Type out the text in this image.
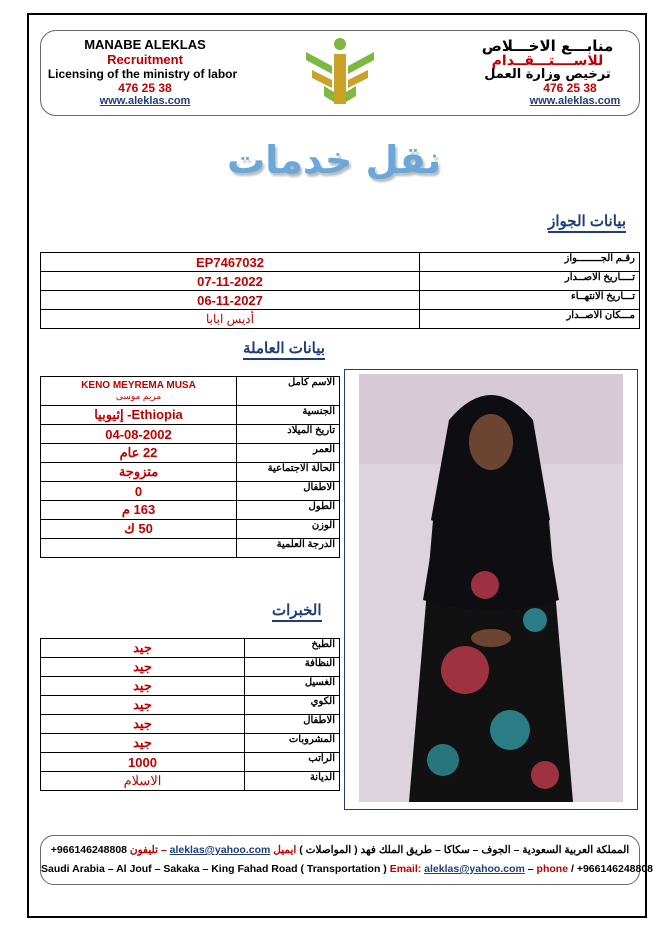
MANABE ALEKLAS
Recruitment
Licensing of the ministry of labor
476 25 38
www.aleklas.com
منابـــع الاخـــلاص
للاســــتـــقــدام
ترخيص وزارة العمل
476 25 38
www.aleklas.com
نقل خدمات
بيانات الجواز
EP7467032	رقـم الجــــــــواز
07-11-2022	تــــاريخ الاصــدار
06-11-2027	تـــاريخ الانتهــاء
أديس ابابا	مـــكان الاصــدار
بيانات العاملة
KENO MEYREMA MUSA
مريم موسى	الاسم كامل
Ethiopia- إثيوبيا	الجنسية
04-08-2002	تاريخ الميلاد
22 عام	العمر
متزوجة	الحالة الاجتماعية
0	الاطفال
163 م	الطول
50 ك	الوزن
	الدرجة العلمية
الخبرات
جيد	الطبخ
جيد	النظافة
جيد	الغسيل
جيد	الكوي
جيد	الاطفال
جيد	المشروبات
1000	الراتب
الاسلام	الديانة
المملكة العربية السعودية – الجوف – سكاكا – طريق الملك فهد ( المواصلات ) ايميل aleklas@yahoo.com – تليفون 966146248808+
Saudi Arabia – Al Jouf – Sakaka – King Fahad Road ( Transportation ) Email: aleklas@yahoo.com – phone / +966146248808
